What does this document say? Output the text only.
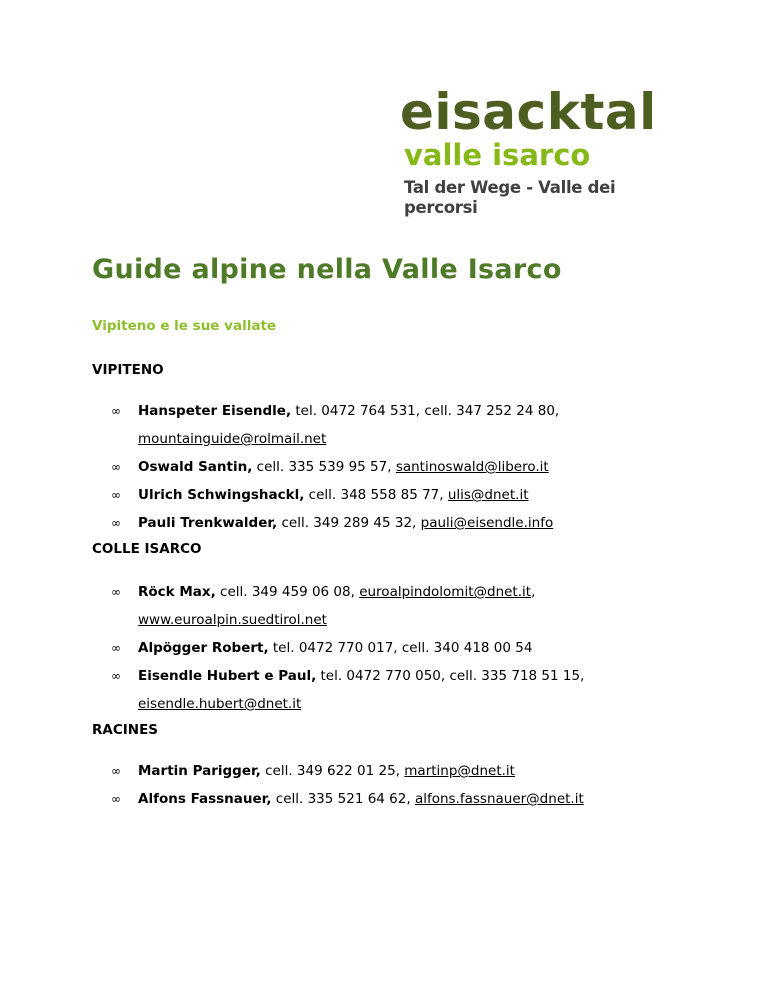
eisacktal
valle isarco
Tal der Wege - Valle dei percorsi
Guide alpine nella Valle Isarco
Vipiteno e le sue vallate
VIPITENO
∞ Hanspeter Eisendle, tel. 0472 764 531, cell. 347 252 24 80,
mountainguide@rolmail.net
∞ Oswald Santin, cell. 335 539 95 57, santinoswald@libero.it
∞ Ulrich Schwingshackl, cell. 348 558 85 77, ulis@dnet.it
∞ Pauli Trenkwalder, cell. 349 289 45 32, pauli@eisendle.info
COLLE ISARCO
∞ Röck Max, cell. 349 459 06 08, euroalpindolomit@dnet.it,
www.euroalpin.suedtirol.net
∞ Alpögger Robert, tel. 0472 770 017, cell. 340 418 00 54
∞ Eisendle Hubert e Paul, tel. 0472 770 050, cell. 335 718 51 15,
eisendle.hubert@dnet.it
RACINES
∞ Martin Parigger, cell. 349 622 01 25, martinp@dnet.it
∞ Alfons Fassnauer, cell. 335 521 64 62, alfons.fassnauer@dnet.it
